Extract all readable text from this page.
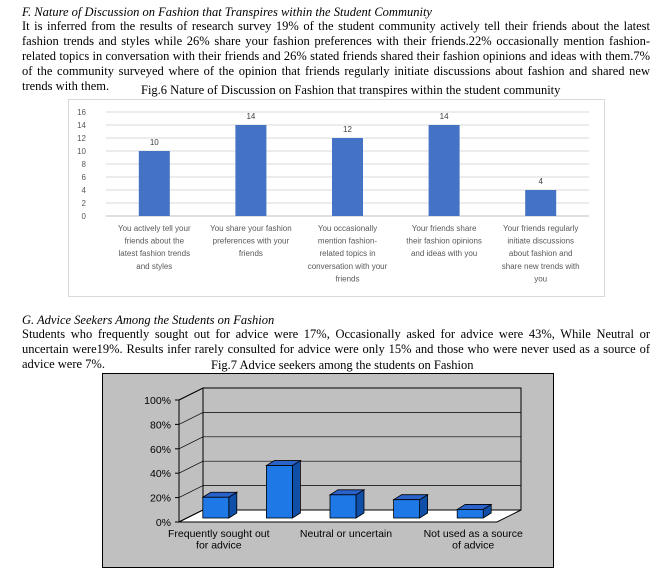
F. Nature of Discussion on Fashion that Transpires within the Student Community

It is inferred from the results of research survey 19% of the student community actively tell their friends about the latest fashion trends and styles while 26% share your fashion preferences with their friends.22% occasionally mention fashion-related topics in conversation with their friends and 26% stated friends shared their fashion opinions and ideas with them.7% of the community surveyed where of the opinion that friends regularly initiate discussions about fashion and shared new trends with them.	Fig.6 Nature of Discussion on Fashion that transpires within the student community
0
2
4
6
8
10
12
14
16
10
You actively tell your
friends about the
latest fashion trends
and styles
14
You share your fashion
preferences with your
friends
12
You occasionally
mention fashion-
related topics in
conversation with your
friends
14
Your friends share
their fashion opinions
and ideas with you
4
Your friends regularly
initiate discussions
about fashion and
share new trends with
you
G. Advice Seekers Among the Students on Fashion

Students who frequently sought out for advice were 17%, Occasionally asked for advice were 43%, While Neutral or uncertain were19%. Results infer rarely consulted for advice were only 15% and those who were never used as a source of advice were 7%.	Fig.7 Advice seekers among the students on Fashion
0%
20%
40%
60%
80%
100%
Frequently sought out
for advice
Neutral or uncertain	Not used as a source
of advice
